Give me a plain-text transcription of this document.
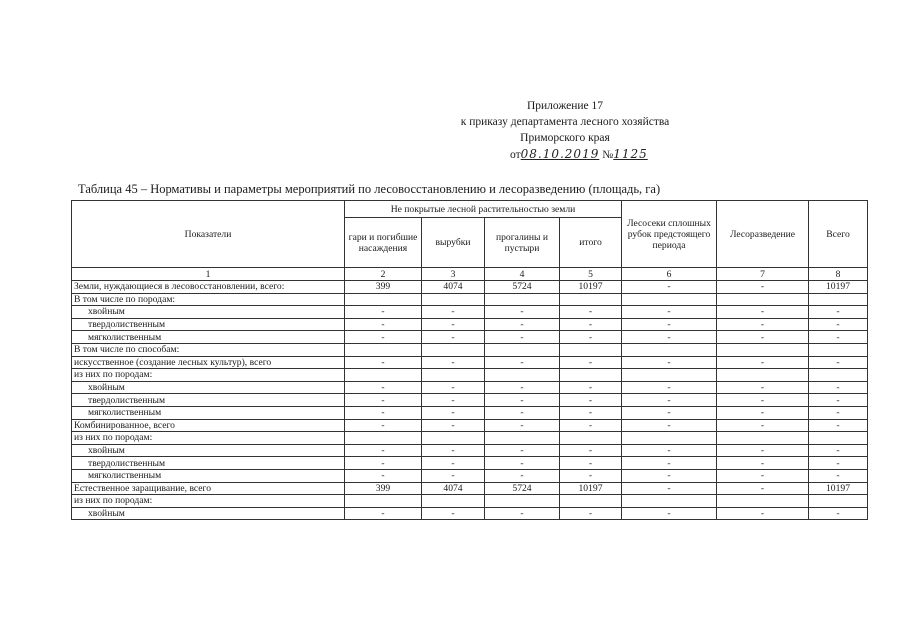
Приложение 17
к приказу департамента лесного хозяйства
Приморского края
от08.10.2019 №1125
Таблица 45 – Нормативы и параметры мероприятий по лесовосстановлению и лесоразведению (площадь, га)
Показатели	Не покрытые лесной растительностью земли				Лесосеки сплошных рубок предстоящего периода	Лесоразведение	Всего
	гари и погибшие насаждения	вырубки	прогалины и пустыри	итого			
1	2	3	4	5	6	7	8
Земли, нуждающиеся в лесовосстановлении, всего:	399	4074	5724	10197	-	-	10197
В том числе по породам:							
хвойным	-	-	-	-	-	-	-
твердолиственным	-	-	-	-	-	-	-
мягколиственным	-	-	-	-	-	-	-
В том числе по способам:							
искусственное (создание лесных культур), всего	-	-	-	-	-	-	-
из них по породам:							
хвойным	-	-	-	-	-	-	-
твердолиственным	-	-	-	-	-	-	-
мягколиственным	-	-	-	-	-	-	-
Комбинированное, всего	-	-	-	-	-	-	-
из них по породам:							
хвойным	-	-	-	-	-	-	-
твердолиственным	-	-	-	-	-	-	-
мягколиственным	-	-	-	-	-	-	-
Естественное заращивание, всего	399	4074	5724	10197	-	-	10197
из них по породам:							
хвойным	-	-	-	-	-	-	-
